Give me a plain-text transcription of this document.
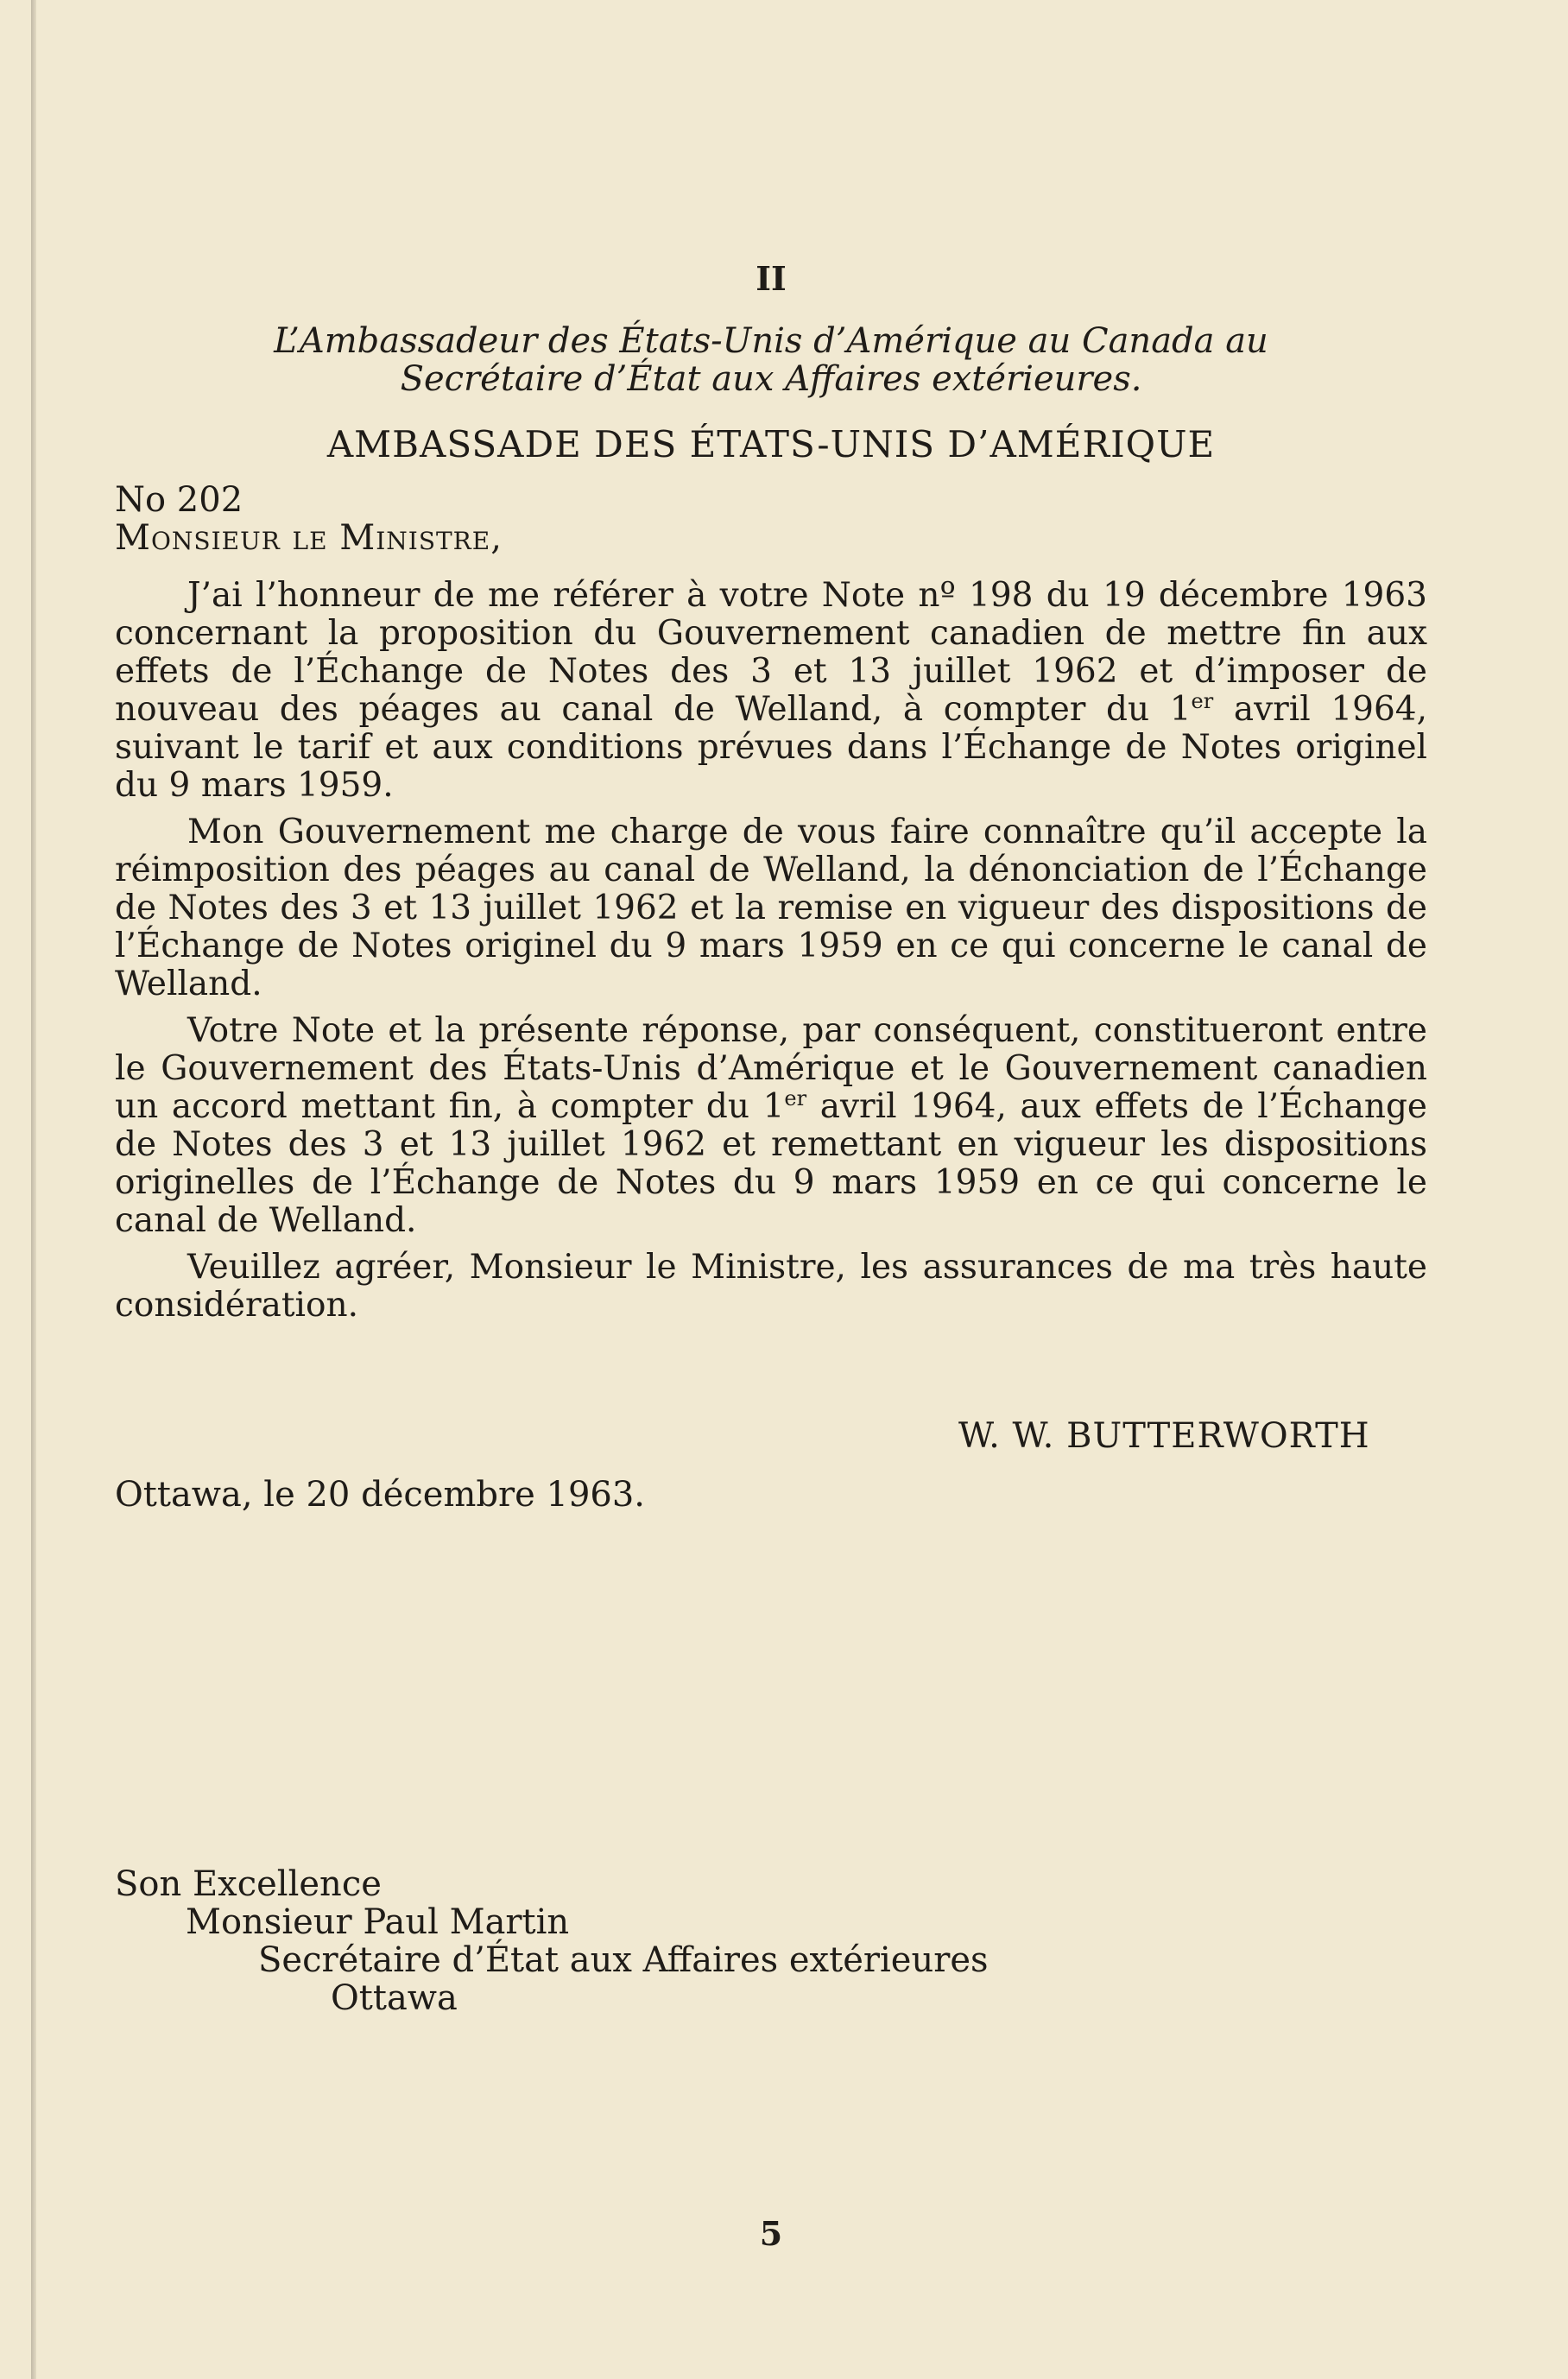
II
L’Ambassadeur des États-Unis d’Amérique au Canada au
Secrétaire d’État aux Affaires extérieures.
AMBASSADE DES ÉTATS-UNIS D’AMÉRIQUE
No 202
Monsieur le Ministre,

J’ai l’honneur de me référer à votre Note nº 198 du 19 décembre 1963 concernant la proposition du Gouvernement canadien de mettre fin aux effets de l’Échange de Notes des 3 et 13 juillet 1962 et d’imposer de nouveau des péages au canal de Welland, à compter du 1er avril 1964, suivant le tarif et aux conditions prévues dans l’Échange de Notes originel du 9 mars 1959.

Mon Gouvernement me charge de vous faire connaître qu’il accepte la réimposition des péages au canal de Welland, la dénonciation de l’Échange de Notes des 3 et 13 juillet 1962 et la remise en vigueur des dispositions de l’Échange de Notes originel du 9 mars 1959 en ce qui concerne le canal de Welland.

Votre Note et la présente réponse, par conséquent, constitueront entre le Gouvernement des États-Unis d’Amérique et le Gouvernement canadien un accord mettant fin, à compter du 1er avril 1964, aux effets de l’Échange de Notes des 3 et 13 juillet 1962 et remettant en vigueur les dispositions originelles de l’Échange de Notes du 9 mars 1959 en ce qui concerne le canal de Welland.

Veuillez agréer, Monsieur le Ministre, les assurances de ma très haute considération.

W. W. BUTTERWORTH
Ottawa, le 20 décembre 1963.
Son Excellence
Monsieur Paul Martin
Secrétaire d’État aux Affaires extérieures
Ottawa
5
